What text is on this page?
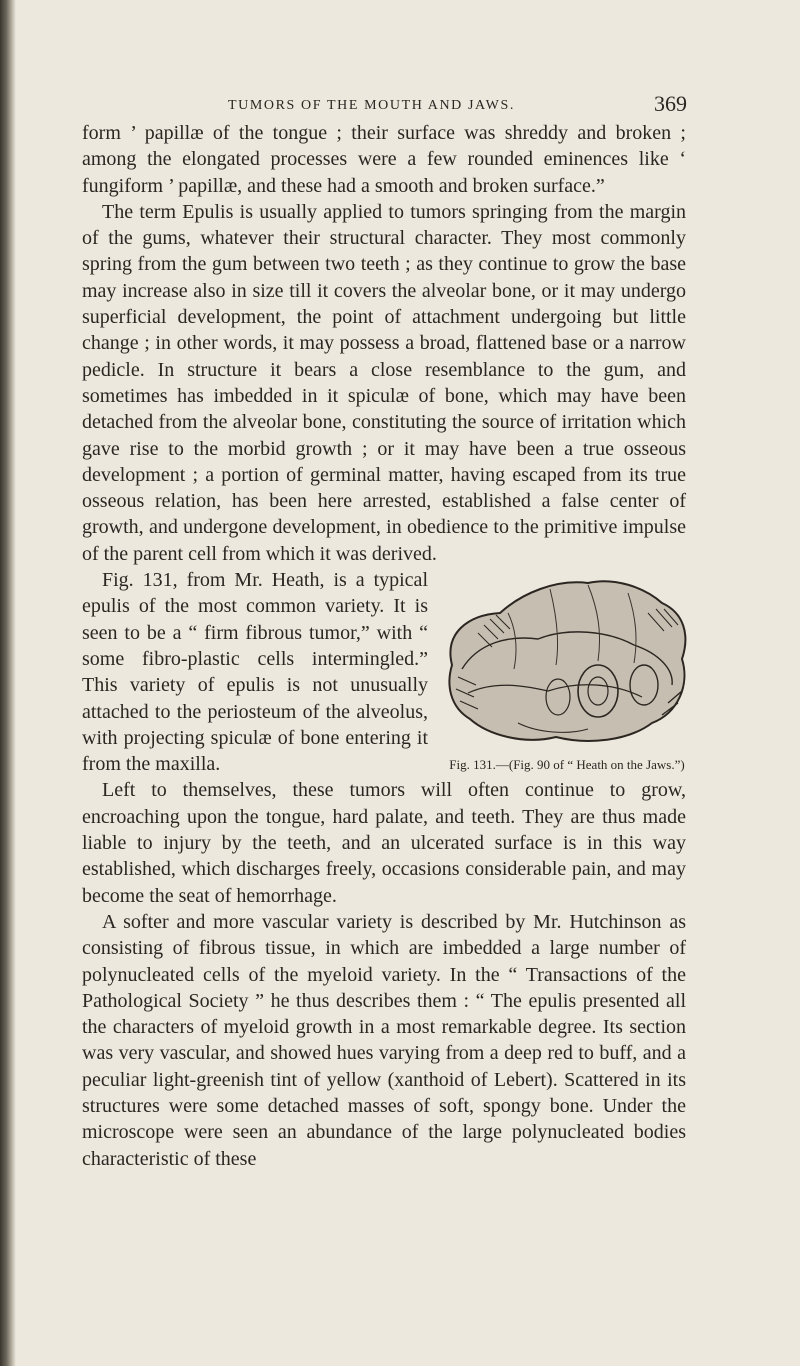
TUMORS OF THE MOUTH AND JAWS.	369

form ’ papillæ of the tongue ; their surface was shreddy and broken ; among the elongated processes were a few rounded eminences like ‘ fungiform ’ papillæ, and these had a smooth and broken surface.”

The term Epulis is usually applied to tumors springing from the margin of the gums, whatever their structural character. They most commonly spring from the gum between two teeth ; as they continue to grow the base may increase also in size till it covers the alveolar bone, or it may undergo superficial development, the point of attachment undergoing but little change ; in other words, it may possess a broad, flattened base or a narrow pedicle. In structure it bears a close resemblance to the gum, and sometimes has imbedded in it spiculæ of bone, which may have been detached from the alveolar bone, constituting the source of irritation which gave rise to the morbid growth ; or it may have been a true osseous development ; a portion of germinal matter, having escaped from its true osseous relation, has been here arrested, established a false center of growth, and undergone development, in obedience to the primitive impulse of the parent cell from which it was derived.

Fig. 131.—(Fig. 90 of “ Heath on the Jaws.”)

Fig. 131, from Mr. Heath, is a typical epulis of the most common variety. It is seen to be a “ firm fibrous tumor,” with “ some fibro-plastic cells intermingled.” This variety of epulis is not unusually attached to the periosteum of the alveolus, with projecting spiculæ of bone entering it from the maxilla.

Left to themselves, these tumors will often continue to grow, encroaching upon the tongue, hard palate, and teeth. They are thus made liable to injury by the teeth, and an ulcerated surface is in this way established, which discharges freely, occasions considerable pain, and may become the seat of hemorrhage.

A softer and more vascular variety is described by Mr. Hutchinson as consisting of fibrous tissue, in which are imbedded a large number of polynucleated cells of the myeloid variety. In the “ Transactions of the Pathological Society ” he thus describes them : “ The epulis presented all the characters of myeloid growth in a most remarkable degree. Its section was very vascular, and showed hues varying from a deep red to buff, and a peculiar light-greenish tint of yellow (xanthoid of Lebert). Scattered in its structures were some detached masses of soft, spongy bone. Under the microscope were seen an abundance of the large polynucleated bodies characteristic of these
